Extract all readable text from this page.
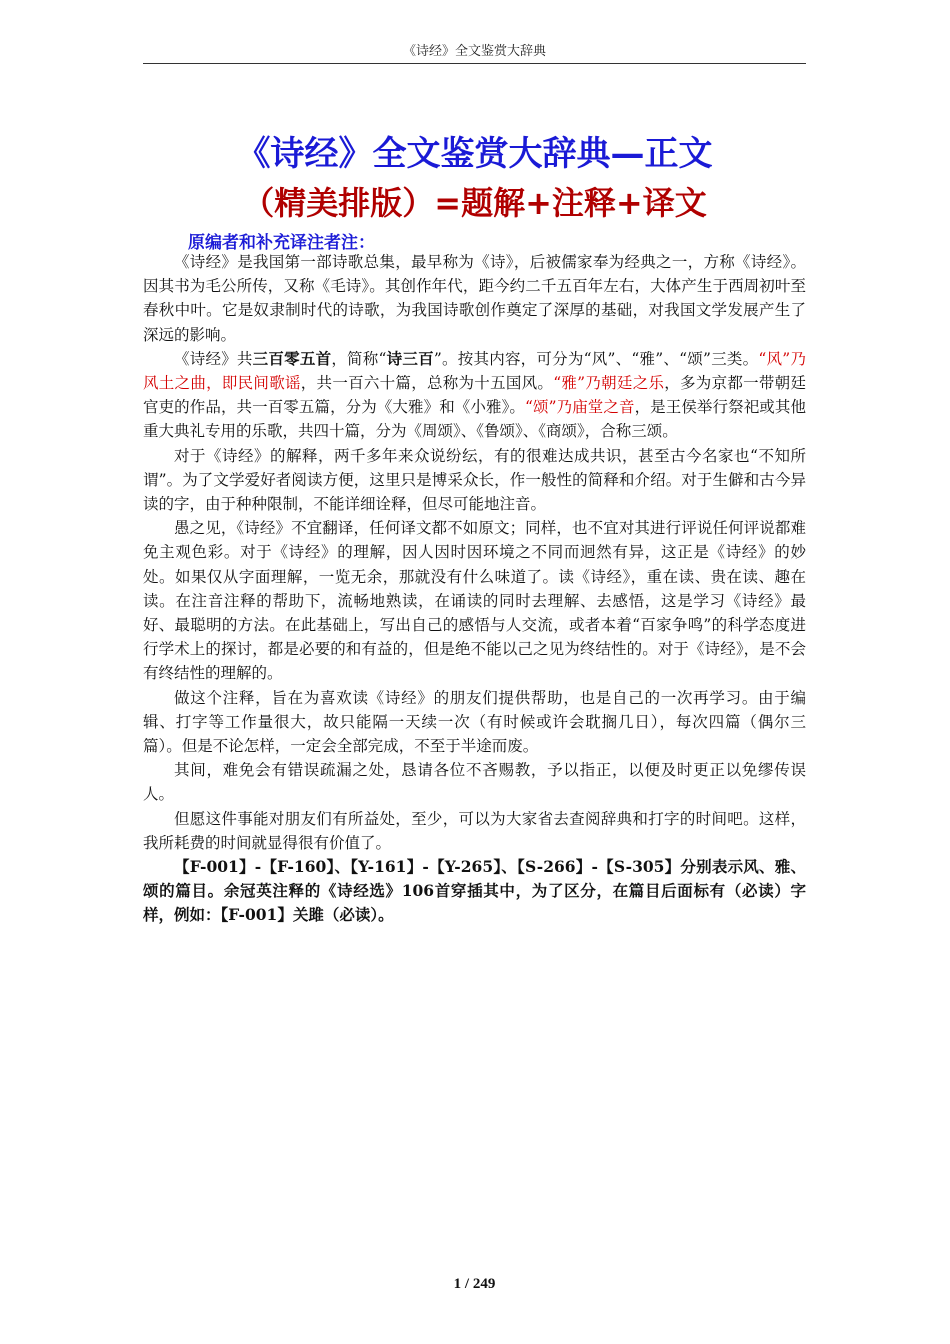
《诗经》全文鉴赏大辞典
《诗经》全文鉴赏大辞典—正文
（精美排版）=题解+注释+译文
原编者和补充译注者注：

《诗经》是我国第一部诗歌总集，最早称为《诗》，后被儒家奉为经典之一，方称《诗经》。因其书为毛公所传，又称《毛诗》。其创作年代，距今约二千五百年左右，大体产生于西周初叶至春秋中叶。它是奴隶制时代的诗歌，为我国诗歌创作奠定了深厚的基础，对我国文学发展产生了深远的影响。

《诗经》共三百零五首，简称“诗三百”。按其内容，可分为“风”、“雅”、“颂”三类。“风”乃风土之曲，即民间歌谣，共一百六十篇，总称为十五国风。“雅”乃朝廷之乐，多为京都一带朝廷官吏的作品，共一百零五篇，分为《大雅》和《小雅》。“颂”乃庙堂之音，是王侯举行祭祀或其他重大典礼专用的乐歌，共四十篇，分为《周颂》、《鲁颂》、《商颂》，合称三颂。

对于《诗经》的解释，两千多年来众说纷纭，有的很难达成共识，甚至古今名家也“不知所谓”。为了文学爱好者阅读方便，这里只是博采众长，作一般性的简释和介绍。对于生僻和古今异读的字，由于种种限制，不能详细诠释，但尽可能地注音。

愚之见，《诗经》不宜翻译，任何译文都不如原文；同样，也不宜对其进行评说任何评说都难免主观色彩。对于《诗经》的理解，因人因时因环境之不同而迥然有异，这正是《诗经》的妙处。如果仅从字面理解，一览无余，那就没有什么味道了。读《诗经》，重在读、贵在读、趣在读。在注音注释的帮助下，流畅地熟读，在诵读的同时去理解、去感悟，这是学习《诗经》最好、最聪明的方法。在此基础上，写出自己的感悟与人交流，或者本着“百家争鸣”的科学态度进行学术上的探讨，都是必要的和有益的，但是绝不能以己之见为终结性的。对于《诗经》，是不会有终结性的理解的。

做这个注释，旨在为喜欢读《诗经》的朋友们提供帮助，也是自己的一次再学习。由于编辑、打字等工作量很大，故只能隔一天续一次（有时候或许会耽搁几日），每次四篇（偶尔三篇）。但是不论怎样，一定会全部完成，不至于半途而废。

其间，难免会有错误疏漏之处，恳请各位不吝赐教，予以指正，以便及时更正以免缪传误人。

但愿这件事能对朋友们有所益处，至少，可以为大家省去查阅辞典和打字的时间吧。这样，我所耗费的时间就显得很有价值了。

【F-001】-【F-160】、【Y-161】-【Y-265】、【S-266】-【S-305】分别表示风、雅、颂的篇目。余冠英注释的《诗经选》106首穿插其中，为了区分，在篇目后面标有（必读）字样，例如：【F-001】关雎（必读）。

1 / 249
